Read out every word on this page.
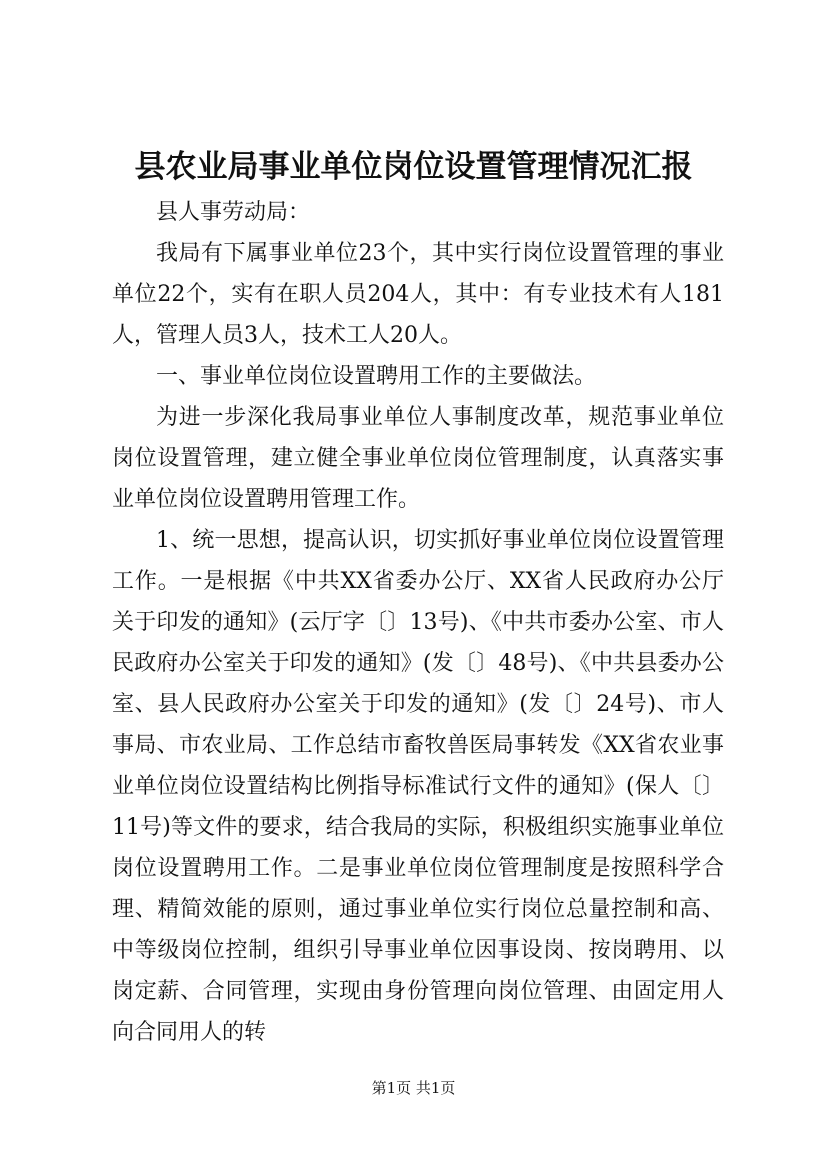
县农业局事业单位岗位设置管理情况汇报

县人事劳动局：

我局有下属事业单位23个，其中实行岗位设置管理的事业单位22个，实有在职人员204人，其中：有专业技术有人181人，管理人员3人，技术工人20人。

一、事业单位岗位设置聘用工作的主要做法。

为进一步深化我局事业单位人事制度改革，规范事业单位岗位设置管理，建立健全事业单位岗位管理制度，认真落实事业单位岗位设置聘用管理工作。

1、统一思想，提高认识，切实抓好事业单位岗位设置管理工作。一是根据《中共XX省委办公厅、XX省人民政府办公厅关于印发的通知》(云厅字〔〕13号)、《中共市委办公室、市人民政府办公室关于印发的通知》(发〔〕48号)、《中共县委办公室、县人民政府办公室关于印发的通知》(发〔〕24号)、市人事局、市农业局、工作总结市畜牧兽医局事转发《XX省农业事业单位岗位设置结构比例指导标准试行文件的通知》(保人〔〕11号)等文件的要求，结合我局的实际，积极组织实施事业单位岗位设置聘用工作。二是事业单位岗位管理制度是按照科学合理、精简效能的原则，通过事业单位实行岗位总量控制和高、中等级岗位控制，组织引导事业单位因事设岗、按岗聘用、以岗定薪、合同管理，实现由身份管理向岗位管理、由固定用人向合同用人的转

第1页 共1页
